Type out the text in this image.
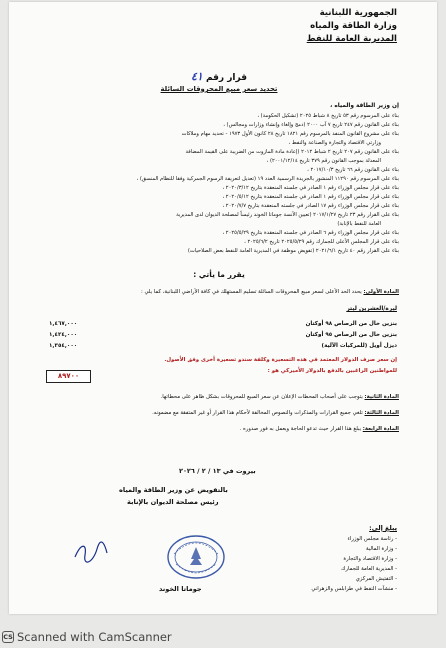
الجمهورية اللبنانية
وزارة الطاقة والمياه
المديرية العامة للنفط
قرار رقم ٤١
تحديد سعر مبيع المحروقات السائلة
إن وزير الطاقة والمياه ،
بناء على المرسوم رقم ٥٣ تاريخ ٨ شباط ٢٠٢٥ (تشكيل الحكومة) ،
بناء على القانون رقم ٢٤٧ تاريخ ٧ آب ٢٠٠٠ (دمج وإلغاء وإنشاء وزارات ومجالس) ،
بناء على مشروع القانون المنفذ بالمرسوم رقم ١٨٢١ تاريخ ٢٨ كانون الأول ١٩٧٣ - تحديد مهام وملاكات
وزارتي الاقتصاد والتجارة والصناعة والنفط ،
بناء على القانون رقم ٢٠٧ تاريخ ٢ شباط ٢٠١٢ (إعادة مادة المازوت من الضريبة على القيمة المضافة
المعدلة بموجب القانون رقم ٣٧٩ تاريخ ٢٠٠١/١٢/١٤) ،
بناء على القانون رقم ٦٦ تاريخ ٢٠١٧/١٠/٣ ،
بناء على المرسوم رقم ١١٢٩٠ المنشور بالجريدة الرسمية العدد ١٩ (تعديل لتعريفة الرسوم الجمركية وفقا للنظام المنسق) ،
بناء على قرار مجلس الوزراء رقم ١ الصادر في جلسته المنعقدة بتاريخ ٢٠٢٠/٣/١٢ ،
بناء على قرار مجلس الوزراء رقم ١ الصادر في جلسته المنعقدة بتاريخ ٢٠٢٠/٥/١٢ ،
بناء على قرار مجلس الوزراء رقم ١٧ الصادر في جلسته المنعقدة بتاريخ ٢٠٢٠/٧/٧ ،
بناء على القرار رقم ٢٣ تاريخ ٢٠١٧/١/٢٧ (تعيين الآنسة جوماتا الخوند رئيساً لمصلحة الديوان لدى المديرية
العامة للنفط بالإنابة)
بناء على قرار مجلس الوزراء رقم ٦ الصادر في جلسته المنعقدة بتاريخ ٢٠٢٥/٥/٢٩ ،
بناء على قرار المجلس الأعلى للجمارك رقم ٢٠٢٥/٥/٢٩ تاريخ ٢٠٢٥/٦/٢ ،
بناء على القرار رقم ٤٠ تاريخ ٢٠٢١/٦/١ (تفويض موظفة في المديرية العامة للنفط بعض الصلاحيات)
يقرر ما يأتي :
المادة الأولى: يحدد الحد الأعلى لسعر مبيع المحروقات السائلة تسليم المستهلك في كافة الأراضي اللبنانية، كما يلي :
ليرة/العشرين ليتر
بنزين خال من الرصاص ٩٨ أوكتان
١,٤٦٧,٠٠٠
بنزين خال من الرصاص ٩٥ أوكتان
١,٤٢٤,٠٠٠
ديزل أويل (للمركبات الآلية)
١,٣٥٤,٠٠٠
إن سعر صرف الدولار المعتمد في هذه التسعيرة وكلفة سندو تسعيرة أخرى وفق الأصول.
للمواطنين الراغبين بالدفع بالدولار الأميركي هو :
٨٩٧٠٠
المادة الثانية: يتوجب على أصحاب المحطات الإعلان عن سعر المبيع للمحروقات بشكل ظاهر على محطاتها.
المادة الثالثة: تلغي جميع القرارات والمذكرات والنصوص المخالفة لأحكام هذا القرار أو غير المتفقة مع مضمونه.
المادة الرابعة: يبلغ هذا القرار حيث تدعو الحاجة ويعمل به فور صدوره .
بيروت في ١٣ / ٢ / ٢٠٢٦
بالتفويض عن وزير الطاقة والمياه
رئيس مصلحة الديوان بالإنابة
جوماتا الخوند
يبلغ إلى:
- رئاسة مجلس الوزراء
- وزارة المالية
- وزارة الاقتصاد والتجارة
- المديرية العامة للجمارك
- التفتيش المركزي
- منشآت النفط في طرابلس والزهراني
CS Scanned with CamScanner
